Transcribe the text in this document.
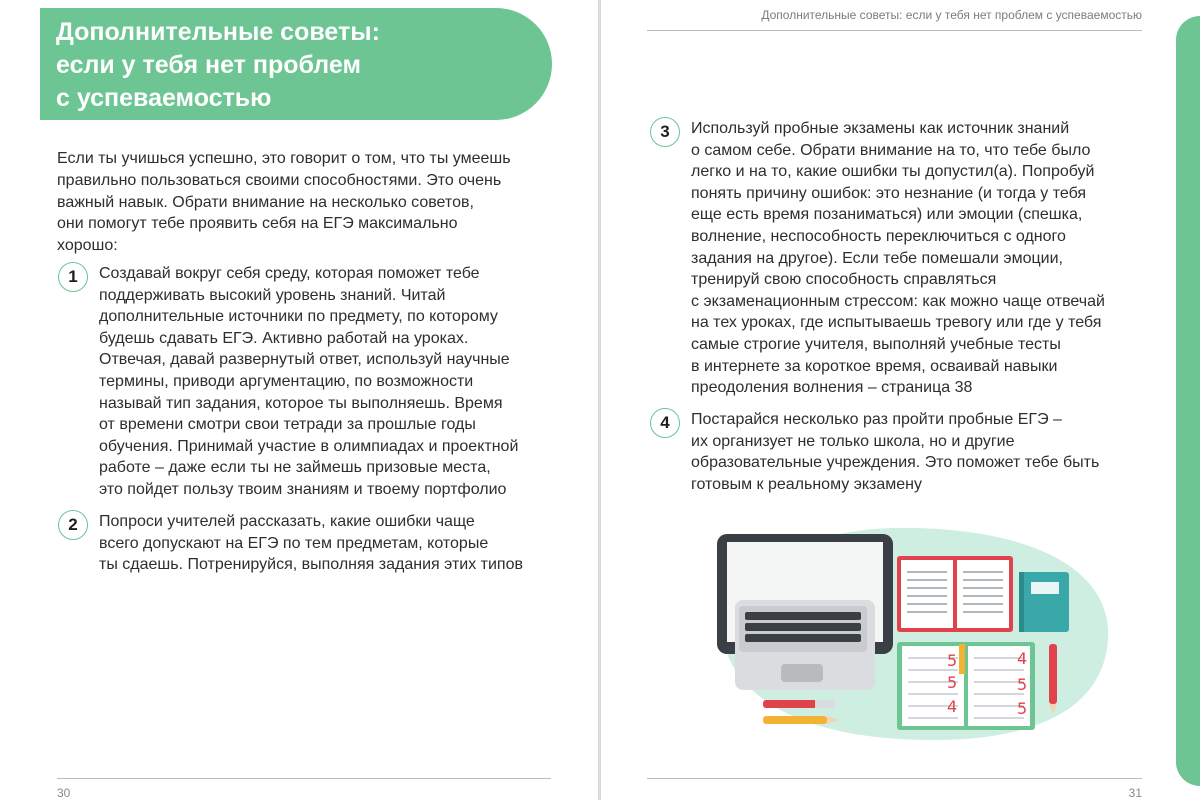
Дополнительные советы:
если у тебя нет проблем
с успеваемостью
Если ты учишься успешно, это говорит о том, что ты умеешь
правильно пользоваться своими способностями. Это очень
важный навык. Обрати внимание на несколько советов,
они помогут тебе проявить себя на ЕГЭ максимально
хорошо:
1	Создавай вокруг себя среду, которая поможет тебе
поддерживать высокий уровень знаний. Читай
дополнительные источники по предмету, по которому
будешь сдавать ЕГЭ. Активно работай на уроках.
Отвечая, давай развернутый ответ, используй научные
термины, приводи аргументацию, по возможности
называй тип задания, которое ты выполняешь. Время
от времени смотри свои тетради за прошлые годы
обучения. Принимай участие в олимпиадах и проектной
работе – даже если ты не займешь призовые места,
это пойдет пользу твоим знаниям и твоему портфолио
2	Попроси учителей рассказать, какие ошибки чаще
всего допускают на ЕГЭ по тем предметам, которые
ты сдаешь. Потренируйся, выполняя задания этих типов
30
Дополнительные советы: если у тебя нет проблем с успеваемостью
3	Используй пробные экзамены как источник знаний
о самом себе. Обрати внимание на то, что тебе было
легко и на то, какие ошибки ты допустил(а). Попробуй
понять причину ошибок: это незнание (и тогда у тебя
еще есть время позаниматься) или эмоции (спешка,
волнение, неспособность переключиться с одного
задания на другое). Если тебе помешали эмоции,
тренируй свою способность справляться
с экзаменационным стрессом: как можно чаще отвечай
на тех уроках, где испытываешь тревогу или где у тебя
самые строгие учителя, выполняй учебные тесты
в интернете за короткое время, осваивай навыки
преодоления волнения – страница 38
4	Постарайся несколько раз пройти пробные ЕГЭ –
их организует не только школа, но и другие
образовательные учреждения. Это поможет тебе быть
готовым к реальному экзамену
5
5
4
4
5
5
31
